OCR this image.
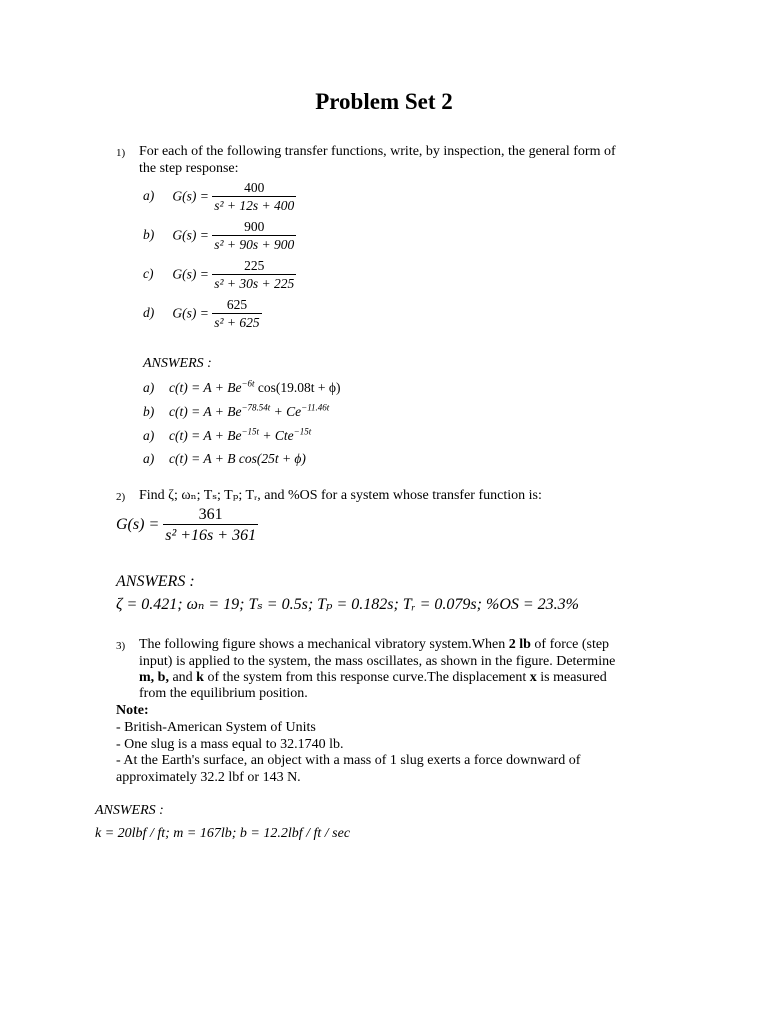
Problem Set 2
1) For each of the following transfer functions, write, by inspection, the general form of
the step response:
a) $G(s) = \frac{400}{\text{s² + 12s + 400}}$
b) $G(s) = \frac{900}{\text{s² + 90s + 900}}$
c) $G(s) = \frac{225}{\text{s² + 30s + 225}}$
d) $G(s) = \frac{625}{\text{s² + 625}}$
ANSWERS :
a) $c(t) = A + Be^{-6t}$ cos(19.08t + ϕ)
b) $c(t) = A + Be^{-78.54t} + Ce^{-11.46t}$
a) $c(t) = A + Be^{-15t} + Cte^{-15t}$
a) c(t) = A + B cos(25t + ϕ)
2) Find ζ; ωₙ; Tₛ; Tₚ; Tᵣ, and %OS for a system whose transfer function is:
$G(s) = \frac{361}{\text{s² +16s + 361}}$
ANSWERS :
ζ = 0.421; ωₙ = 19; Tₛ = 0.5s; Tₚ = 0.182s; Tᵣ = 0.079s; %OS = 23.3%
3) The following figure shows a mechanical vibratory system.When 2 lb of force (step
input) is applied to the system, the mass oscillates, as shown in the figure. Determine
m, b, and k of the system from this response curve.The displacement x is measured
from the equilibrium position.
Note:
- British-American System of Units
- One slug is a mass equal to 32.1740 lb.
- At the Earth's surface, an object with a mass of 1 slug exerts a force downward of
approximately 32.2 lbf or 143 N.
ANSWERS :
k = 20lbf / ft; m = 167lb; b = 12.2lbf / ft / sec
